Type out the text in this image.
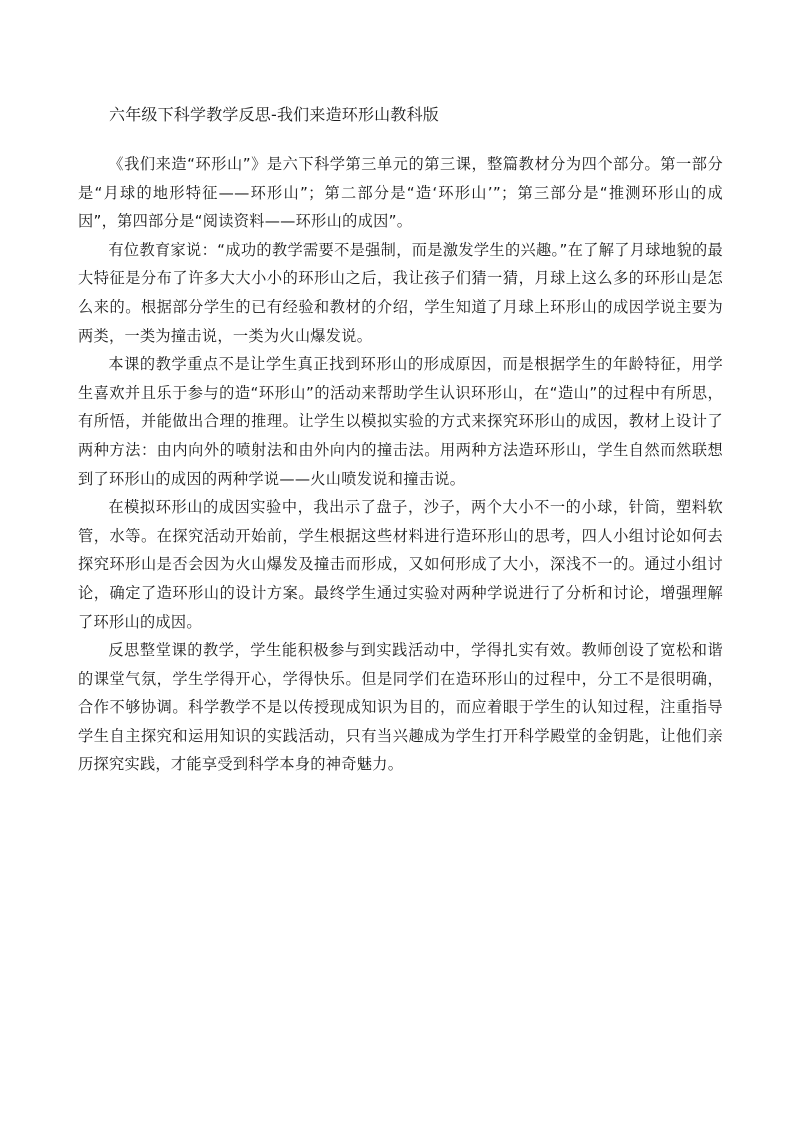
六年级下科学教学反思-我们来造环形山教科版

《我们来造“环形山”》是六下科学第三单元的第三课，整篇教材分为四个部分。第一部分是“月球的地形特征——环形山”；第二部分是“造‘环形山’”；第三部分是“推测环形山的成因”，第四部分是“阅读资料——环形山的成因”。

有位教育家说：“成功的教学需要不是强制，而是激发学生的兴趣。”在了解了月球地貌的最大特征是分布了许多大大小小的环形山之后，我让孩子们猜一猜，月球上这么多的环形山是怎么来的。根据部分学生的已有经验和教材的介绍，学生知道了月球上环形山的成因学说主要为两类，一类为撞击说，一类为火山爆发说。

本课的教学重点不是让学生真正找到环形山的形成原因，而是根据学生的年龄特征，用学生喜欢并且乐于参与的造“环形山”的活动来帮助学生认识环形山，在“造山”的过程中有所思，有所悟，并能做出合理的推理。让学生以模拟实验的方式来探究环形山的成因，教材上设计了两种方法：由内向外的喷射法和由外向内的撞击法。用两种方法造环形山，学生自然而然联想到了环形山的成因的两种学说——火山喷发说和撞击说。

在模拟环形山的成因实验中，我出示了盘子，沙子，两个大小不一的小球，针筒，塑料软管，水等。在探究活动开始前，学生根据这些材料进行造环形山的思考，四人小组讨论如何去探究环形山是否会因为火山爆发及撞击而形成，又如何形成了大小，深浅不一的。通过小组讨论，确定了造环形山的设计方案。最终学生通过实验对两种学说进行了分析和讨论，增强理解了环形山的成因。

反思整堂课的教学，学生能积极参与到实践活动中，学得扎实有效。教师创设了宽松和谐的课堂气氛，学生学得开心，学得快乐。但是同学们在造环形山的过程中，分工不是很明确，合作不够协调。科学教学不是以传授现成知识为目的，而应着眼于学生的认知过程，注重指导学生自主探究和运用知识的实践活动，只有当兴趣成为学生打开科学殿堂的金钥匙，让他们亲历探究实践，才能享受到科学本身的神奇魅力。
